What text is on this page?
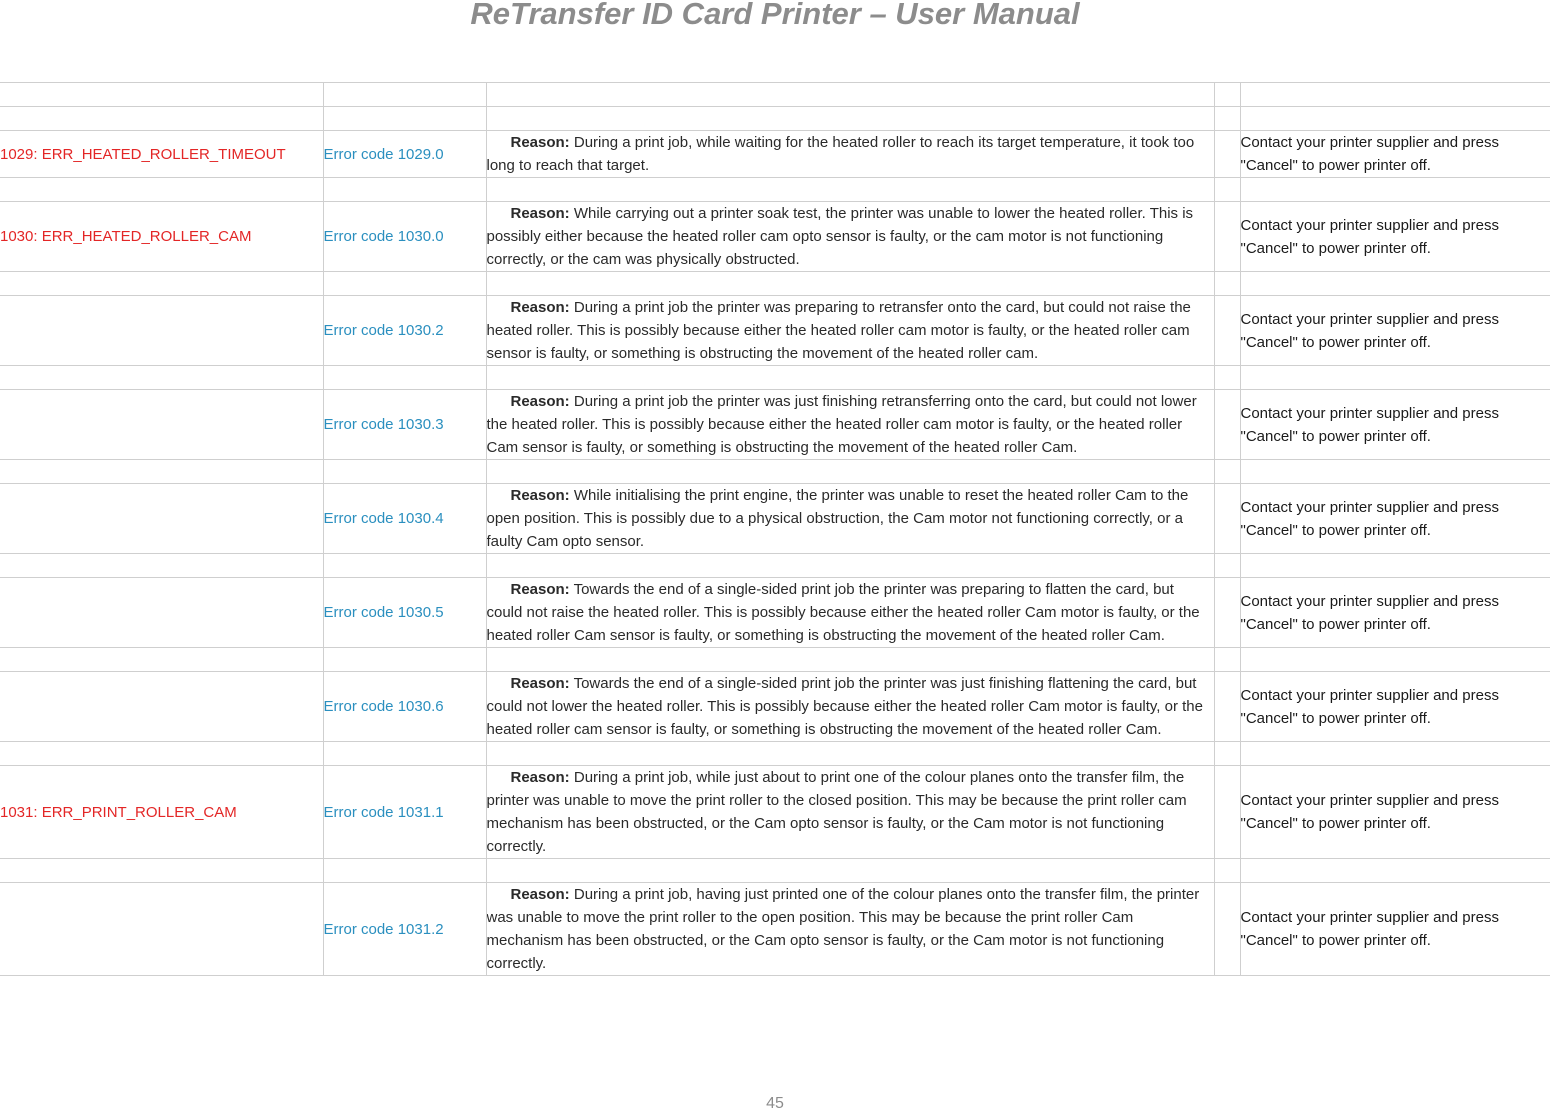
ReTransfer ID Card Printer – User Manual

1029: ERR_HEATED_ROLLER_TIMEOUT	Error code 1029.0	Reason: During a print job, while waiting for the heated roller to reach its target temperature, it took too long to reach that target.		Contact your printer supplier and press
"Cancel" to power printer off.

1030: ERR_HEATED_ROLLER_CAM	Error code 1030.0	Reason: While carrying out a printer soak test, the printer was unable to lower the heated roller. This is possibly either because the heated roller cam opto sensor is faulty, or the cam motor is not functioning correctly, or the cam was physically obstructed.		Contact your printer supplier and press
"Cancel" to power printer off.

	Error code 1030.2	Reason: During a print job the printer was preparing to retransfer onto the card, but could not raise the heated roller. This is possibly because either the heated roller cam motor is faulty, or the heated roller cam sensor is faulty, or something is obstructing the movement of the heated roller cam.		Contact your printer supplier and press
"Cancel" to power printer off.

	Error code 1030.3	Reason: During a print job the printer was just finishing retransferring onto the card, but could not lower the heated roller. This is possibly because either the heated roller cam motor is faulty, or the heated roller Cam sensor is faulty, or something is obstructing the movement of the heated roller Cam.		Contact your printer supplier and press
"Cancel" to power printer off.

	Error code 1030.4	Reason: While initialising the print engine, the printer was unable to reset the heated roller Cam to the open position. This is possibly due to a physical obstruction, the Cam motor not functioning correctly, or a faulty Cam opto sensor.		Contact your printer supplier and press
"Cancel" to power printer off.

	Error code 1030.5	Reason: Towards the end of a single-sided print job the printer was preparing to flatten the card, but could not raise the heated roller. This is possibly because either the heated roller Cam motor is faulty, or the heated roller Cam sensor is faulty, or something is obstructing the movement of the heated roller Cam.		Contact your printer supplier and press
"Cancel" to power printer off.

	Error code 1030.6	Reason: Towards the end of a single-sided print job the printer was just finishing flattening the card, but could not lower the heated roller. This is possibly because either the heated roller Cam motor is faulty, or the heated roller cam sensor is faulty, or something is obstructing the movement of the heated roller Cam.		Contact your printer supplier and press
"Cancel" to power printer off.

1031: ERR_PRINT_ROLLER_CAM	Error code 1031.1	Reason: During a print job, while just about to print one of the colour planes onto the transfer film, the printer was unable to move the print roller to the closed position. This may be because the print roller cam mechanism has been obstructed, or the Cam opto sensor is faulty, or the Cam motor is not functioning correctly.		Contact your printer supplier and press
"Cancel" to power printer off.

	Error code 1031.2	Reason: During a print job, having just printed one of the colour planes onto the transfer film, the printer was unable to move the print roller to the open position. This may be because the print roller Cam mechanism has been obstructed, or the Cam opto sensor is faulty, or the Cam motor is not functioning correctly.		Contact your printer supplier and press
"Cancel" to power printer off.
45
